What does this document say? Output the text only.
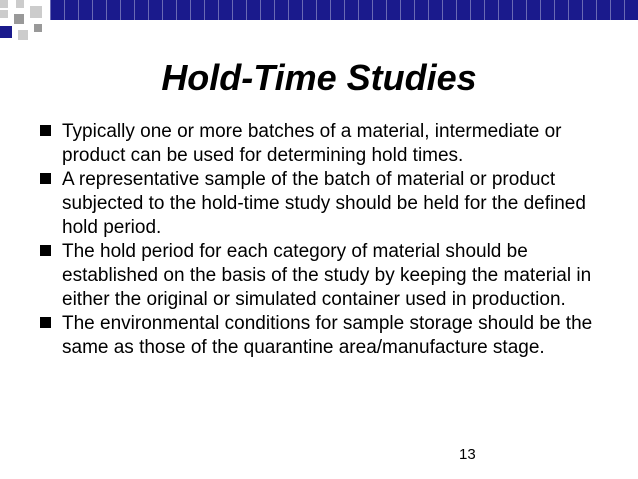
Hold-Time Studies
Typically one or more batches of a material, intermediate or product can be used for determining hold times.
A representative sample of the batch of material or product subjected to the hold-time study should be held for the defined hold period.
The hold period for each category of material should be established on the basis of the study by keeping the material in either the original or simulated container used in production.
The environmental conditions for sample storage should be the same as those of the quarantine area/manufacture stage.
13
